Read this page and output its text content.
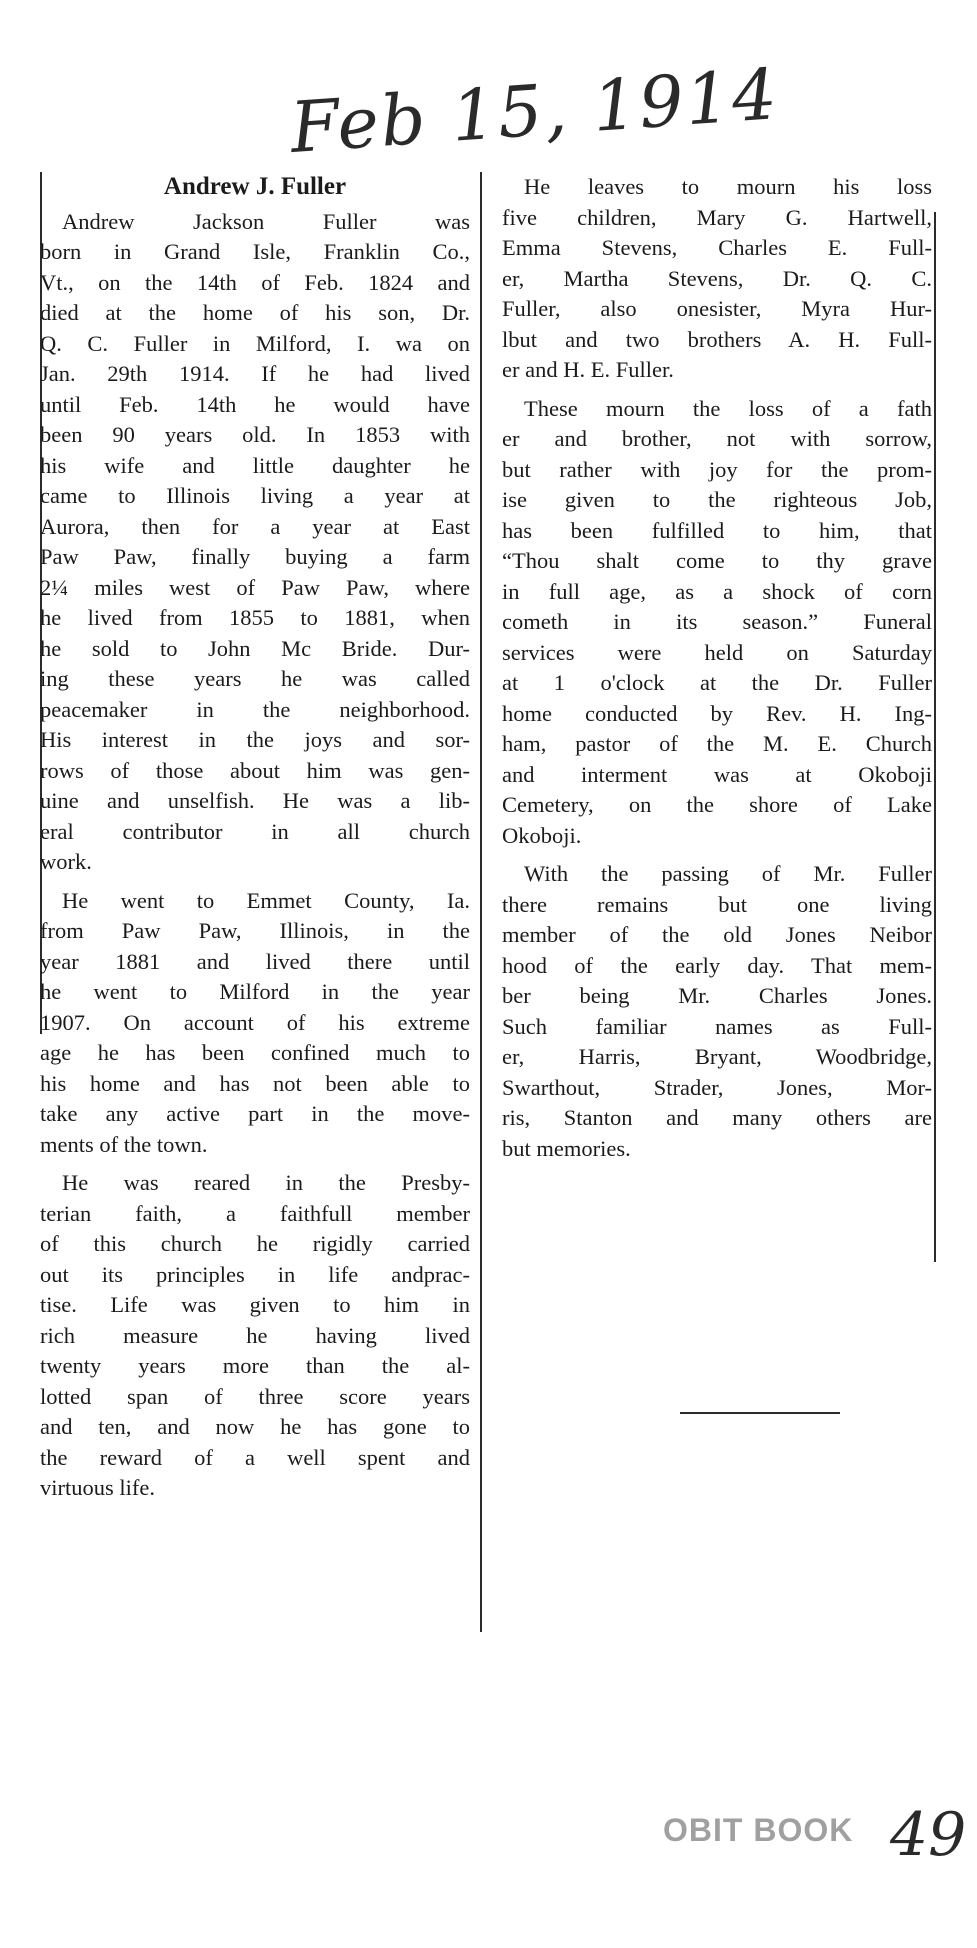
Feb 15, 1914
Andrew J. Fuller
Andrew Jackson Fuller was
born in Grand Isle, Franklin Co.,
Vt., on the 14th of Feb. 1824 and
died at the home of his son, Dr.
Q. C. Fuller in Milford, I. wa on
Jan. 29th 1914. If he had lived
until Feb. 14th he would have
been 90 years old. In 1853 with
his wife and little daughter he
came to Illinois living a year at
Aurora, then for a year at East
Paw Paw, finally buying a farm
2¼ miles west of Paw Paw, where
he lived from 1855 to 1881, when
he sold to John Mc Bride. Dur-
ing these years he was called
peacemaker in the neighborhood.
His interest in the joys and sor-
rows of those about him was gen-
uine and unselfish. He was a lib-
eral contributor in all church
work.
He went to Emmet County, Ia.
from Paw Paw, Illinois, in the
year 1881 and lived there until
he went to Milford in the year
1907. On account of his extreme
age he has been confined much to
his home and has not been able to
take any active part in the move-
ments of the town.
He was reared in the Presby-
terian faith, a faithfull member
of this church he rigidly carried
out its principles in life andprac-
tise. Life was given to him in
rich measure he having lived
twenty years more than the al-
lotted span of three score years
and ten, and now he has gone to
the reward of a well spent and
virtuous life.
He leaves to mourn his loss
five children, Mary G. Hartwell,
Emma Stevens, Charles E. Full-
er, Martha Stevens, Dr. Q. C.
Fuller, also onesister, Myra Hur-
lbut and two brothers A. H. Full-
er and H. E. Fuller.
These mourn the loss of a fath
er and brother, not with sorrow,
but rather with joy for the prom-
ise given to the righteous Job,
has been fulfilled to him, that
“Thou shalt come to thy grave
in full age, as a shock of corn
cometh in its season.” Funeral
services were held on Saturday
at 1 o'clock at the Dr. Fuller
home conducted by Rev. H. Ing-
ham, pastor of the M. E. Church
and interment was at Okoboji
Cemetery, on the shore of Lake
Okoboji.
With the passing of Mr. Fuller
there remains but one living
member of the old Jones Neibor
hood of the early day. That mem-
ber being Mr. Charles Jones.
Such familiar names as Full-
er, Harris, Bryant, Woodbridge,
Swarthout, Strader, Jones, Mor-
ris, Stanton and many others are
but memories.
OBIT BOOK 49
